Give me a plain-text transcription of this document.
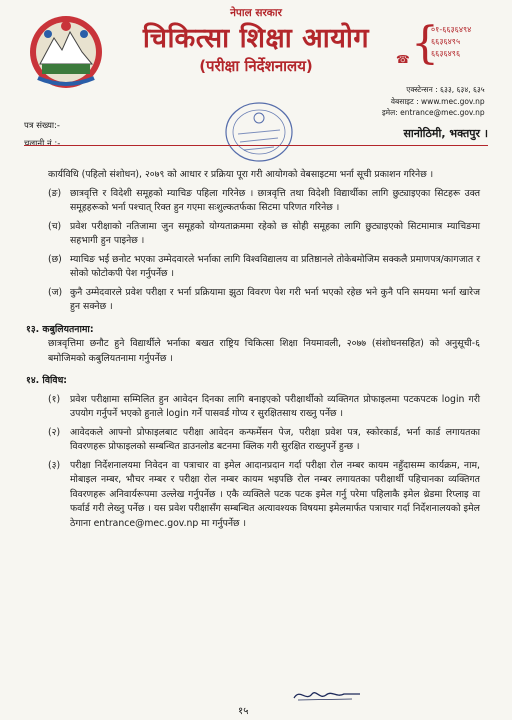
नेपाल सरकार
चिकित्सा शिक्षा आयोग
(परीक्षा निर्देशनालय)	☎ {
०१-६६३६४९४
६६३६४९५
६६३६४९६
एक्स्टेन्सन : ६३३, ६३४, ६३५
वेबसाइट : www.mec.gov.np
इमेल: entrance@mec.gov.np
पत्र संख्या:-
चलानी नं :-
सानोठिमी, भक्तपुर ।

कार्यविधि (पहिलो संशोधन), २०७९ को आधार र प्रक्रिया पूरा गरी आयोगको वेबसाइटमा भर्ना सूची प्रकाशन गरिनेछ ।

(ङ) छात्रवृत्ति र विदेशी समूहको म्याचिङ पहिला गरिनेछ । छात्रवृत्ति तथा विदेशी विद्यार्थीका लागि छुट्याइएका सिटहरू उक्त समूहहरूको भर्ना पश्चात् रिक्त हुन गएमा सःशुल्कतर्फका सिटमा परिणत गरिनेछ ।
(च) प्रवेश परीक्षाको नतिजामा जुन समूहको योग्यताक्रममा रहेको छ सोही समूहका लागि छुट्याइएको सिटमामात्र म्याचिङमा सहभागी हुन पाइनेछ ।
(छ) म्याचिङ भई छनोट भएका उम्मेदवारले भर्नाका लागि विश्वविद्यालय वा प्रतिष्ठानले तोकेबमोजिम सक्कलै प्रमाणपत्र/कागजात र सोको फोटोकपी पेश गर्नुपर्नेछ ।
(ज) कुनै उम्मेदवारले प्रवेश परीक्षा र भर्ना प्रक्रियामा झुठा विवरण पेश गरी भर्ना भएको रहेछ भने कुनै पनि समयमा भर्ना खारेज हुन सक्नेछ ।

१३. कबुलियतनामा:

छात्रवृत्तिमा छनौट हुने विद्यार्थीले भर्नाका बखत राष्ट्रिय चिकित्सा शिक्षा नियमावली, २०७७ (संशोधनसहित) को अनुसूची-६ बमोजिमको कबुलियतनामा गर्नुपर्नेछ ।

१४. विविध:

(१)	प्रवेश परीक्षामा सम्मिलित हुन आवेदन दिनका लागि बनाइएको परीक्षार्थीको व्यक्तिगत प्रोफाइलमा पटकपटक login गरी उपयोग गर्नुपर्ने भएको हुनाले login गर्ने पासवर्ड गोप्य र सुरक्षितसाथ राख्नु पर्नेछ ।
(२)	आवेदकले आफ्नो प्रोफाइलबाट परीक्षा आवेदन कन्फर्मेसन पेज, परीक्षा प्रवेश पत्र, स्कोरकार्ड, भर्ना कार्ड लगायतका विवरणहरू प्रोफाइलको सम्बन्धित डाउनलोड बटनमा क्लिक गरी सुरक्षित राख्नुपर्ने हुन्छ ।
(३)	परीक्षा निर्देशनालयमा निवेदन वा पत्राचार वा इमेल आदानप्रदान गर्दा परीक्षा रोल नम्बर कायम नहुँदासम्म कार्यक्रम, नाम, मोबाइल नम्बर, भौचर नम्बर र परीक्षा रोल नम्बर कायम भइपछि रोल नम्बर लगायतका परीक्षार्थी पहिचानका व्यक्तिगत विवरणहरू अनिवार्यरूपमा उल्लेख गर्नुपर्नेछ । एकै व्यक्तिले पटक पटक इमेल गर्नु परेमा पहिलाकै इमेल थ्रेडमा रिप्लाइ वा फर्वार्ड गरी लेख्नु पर्नेछ । यस प्रवेश परीक्षासँग सम्बन्धित अत्यावश्यक विषयमा इमेलमार्फत पत्राचार गर्दा निर्देशनालयको इमेल ठेगाना entrance@mec.gov.np मा गर्नुपर्नेछ ।
१५
